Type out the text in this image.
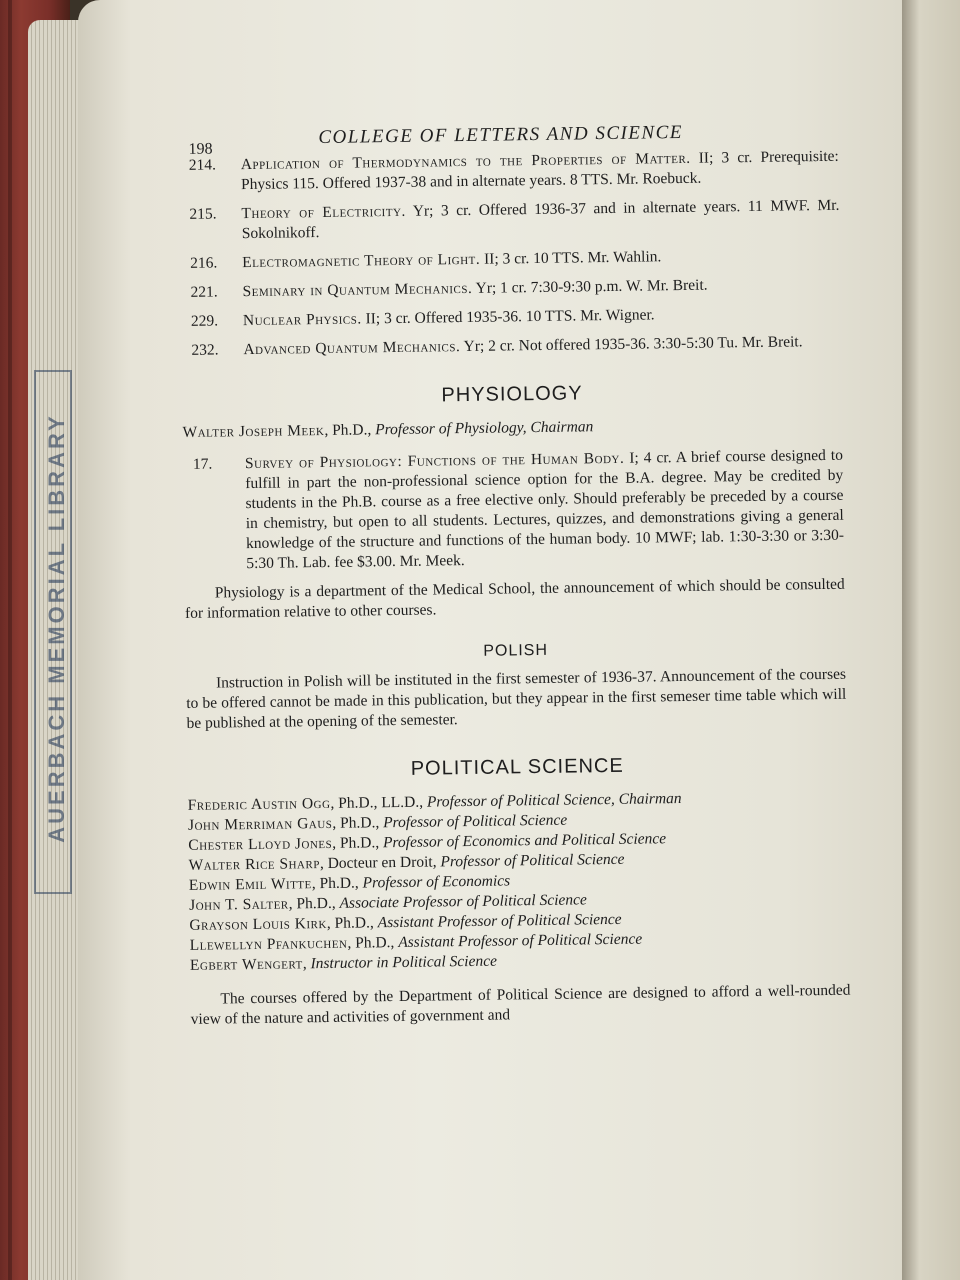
AUERBACH MEMORIAL LIBRARY
198
COLLEGE OF LETTERS AND SCIENCE
214.	Application of Thermodynamics to the Properties of Matter. II; 3 cr. Prerequisite: Physics 115. Offered 1937-38 and in alternate years. 8 TTS. Mr. Roebuck.
215.	Theory of Electricity. Yr; 3 cr. Offered 1936-37 and in alternate years. 11 MWF. Mr. Sokolnikoff.
216.	Electromagnetic Theory of Light. II; 3 cr. 10 TTS. Mr. Wahlin.
221.	Seminary in Quantum Mechanics. Yr; 1 cr. 7:30-9:30 p.m. W. Mr. Breit.
229.	Nuclear Physics. II; 3 cr. Offered 1935-36. 10 TTS. Mr. Wigner.
232.	Advanced Quantum Mechanics. Yr; 2 cr. Not offered 1935-36. 3:30-5:30 Tu. Mr. Breit.
PHYSIOLOGY
Walter Joseph Meek, Ph.D., Professor of Physiology, Chairman
17.	Survey of Physiology: Functions of the Human Body. I; 4 cr. A brief course designed to fulfill in part the non-professional science option for the B.A. degree. May be credited by students in the Ph.B. course as a free elective only. Should preferably be preceded by a course in chemistry, but open to all students. Lectures, quizzes, and demonstrations giving a general knowledge of the structure and functions of the human body. 10 MWF; lab. 1:30-3:30 or 3:30-5:30 Th. Lab. fee $3.00. Mr. Meek.
Physiology is a department of the Medical School, the announcement of which should be consulted for information relative to other courses.
POLISH
Instruction in Polish will be instituted in the first semester of 1936-37. Announcement of the courses to be offered cannot be made in this publication, but they appear in the first semeser time table which will be published at the opening of the semester.
POLITICAL SCIENCE
Frederic Austin Ogg, Ph.D., LL.D., Professor of Political Science, Chairman
John Merriman Gaus, Ph.D., Professor of Political Science
Chester Lloyd Jones, Ph.D., Professor of Economics and Political Science
Walter Rice Sharp, Docteur en Droit, Professor of Political Science
Edwin Emil Witte, Ph.D., Professor of Economics
John T. Salter, Ph.D., Associate Professor of Political Science
Grayson Louis Kirk, Ph.D., Assistant Professor of Political Science
Llewellyn Pfankuchen, Ph.D., Assistant Professor of Political Science
Egbert Wengert, Instructor in Political Science
The courses offered by the Department of Political Science are designed to afford a well-rounded view of the nature and activities of government and
